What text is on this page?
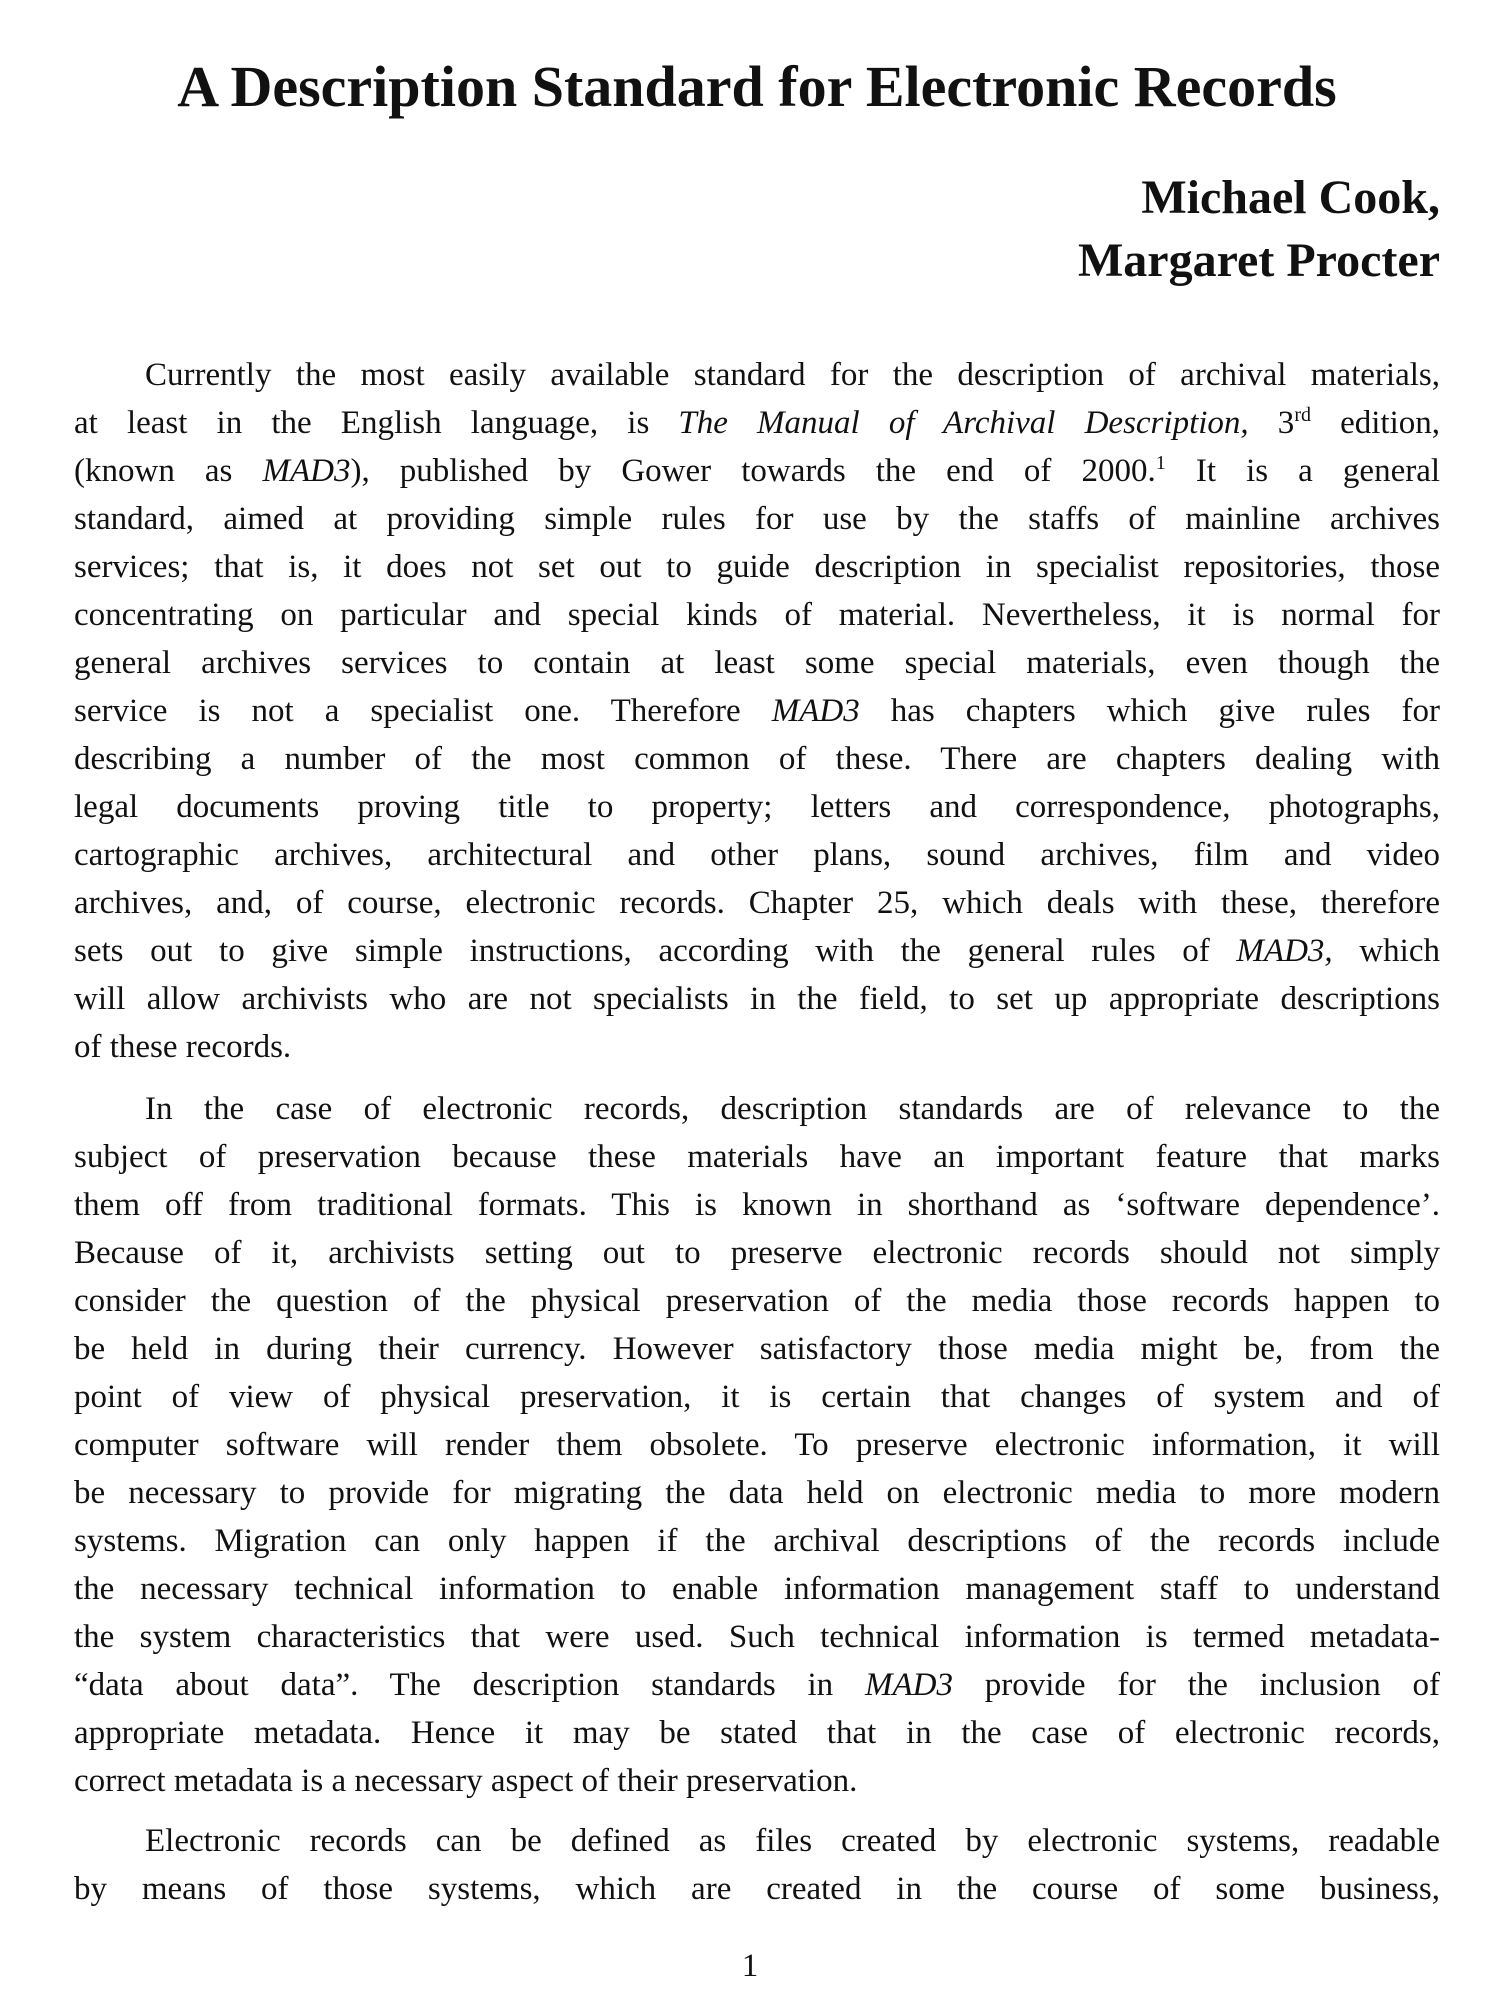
A Description Standard for Electronic Records
Michael Cook,
Margaret Procter
Currently the most easily available standard for the description of archival materials,
at least in the English language, is The Manual of Archival Description, 3rd edition,
(known as MAD3), published by Gower towards the end of 2000.$^1$ It is a general
standard, aimed at providing simple rules for use by the staffs of mainline archives
services; that is, it does not set out to guide description in specialist repositories, those
concentrating on particular and special kinds of material. Nevertheless, it is normal for
general archives services to contain at least some special materials, even though the
service is not a specialist one. Therefore MAD3 has chapters which give rules for
describing a number of the most common of these. There are chapters dealing with
legal documents proving title to property; letters and correspondence, photographs,
cartographic archives, architectural and other plans, sound archives, film and video
archives, and, of course, electronic records. Chapter 25, which deals with these, therefore
sets out to give simple instructions, according with the general rules of MAD3, which
will allow archivists who are not specialists in the field, to set up appropriate descriptions
of these records.
In the case of electronic records, description standards are of relevance to the
subject of preservation because these materials have an important feature that marks
them off from traditional formats. This is known in shorthand as ‘software dependence’.
Because of it, archivists setting out to preserve electronic records should not simply
consider the question of the physical preservation of the media those records happen to
be held in during their currency. However satisfactory those media might be, from the
point of view of physical preservation, it is certain that changes of system and of
computer software will render them obsolete. To preserve electronic information, it will
be necessary to provide for migrating the data held on electronic media to more modern
systems. Migration can only happen if the archival descriptions of the records include
the necessary technical information to enable information management staff to understand
the system characteristics that were used. Such technical information is termed metadata-
“data about data”. The description standards in MAD3 provide for the inclusion of
appropriate metadata. Hence it may be stated that in the case of electronic records,
correct metadata is a necessary aspect of their preservation.
Electronic records can be defined as files created by electronic systems, readable
by means of those systems, which are created in the course of some business,
1
